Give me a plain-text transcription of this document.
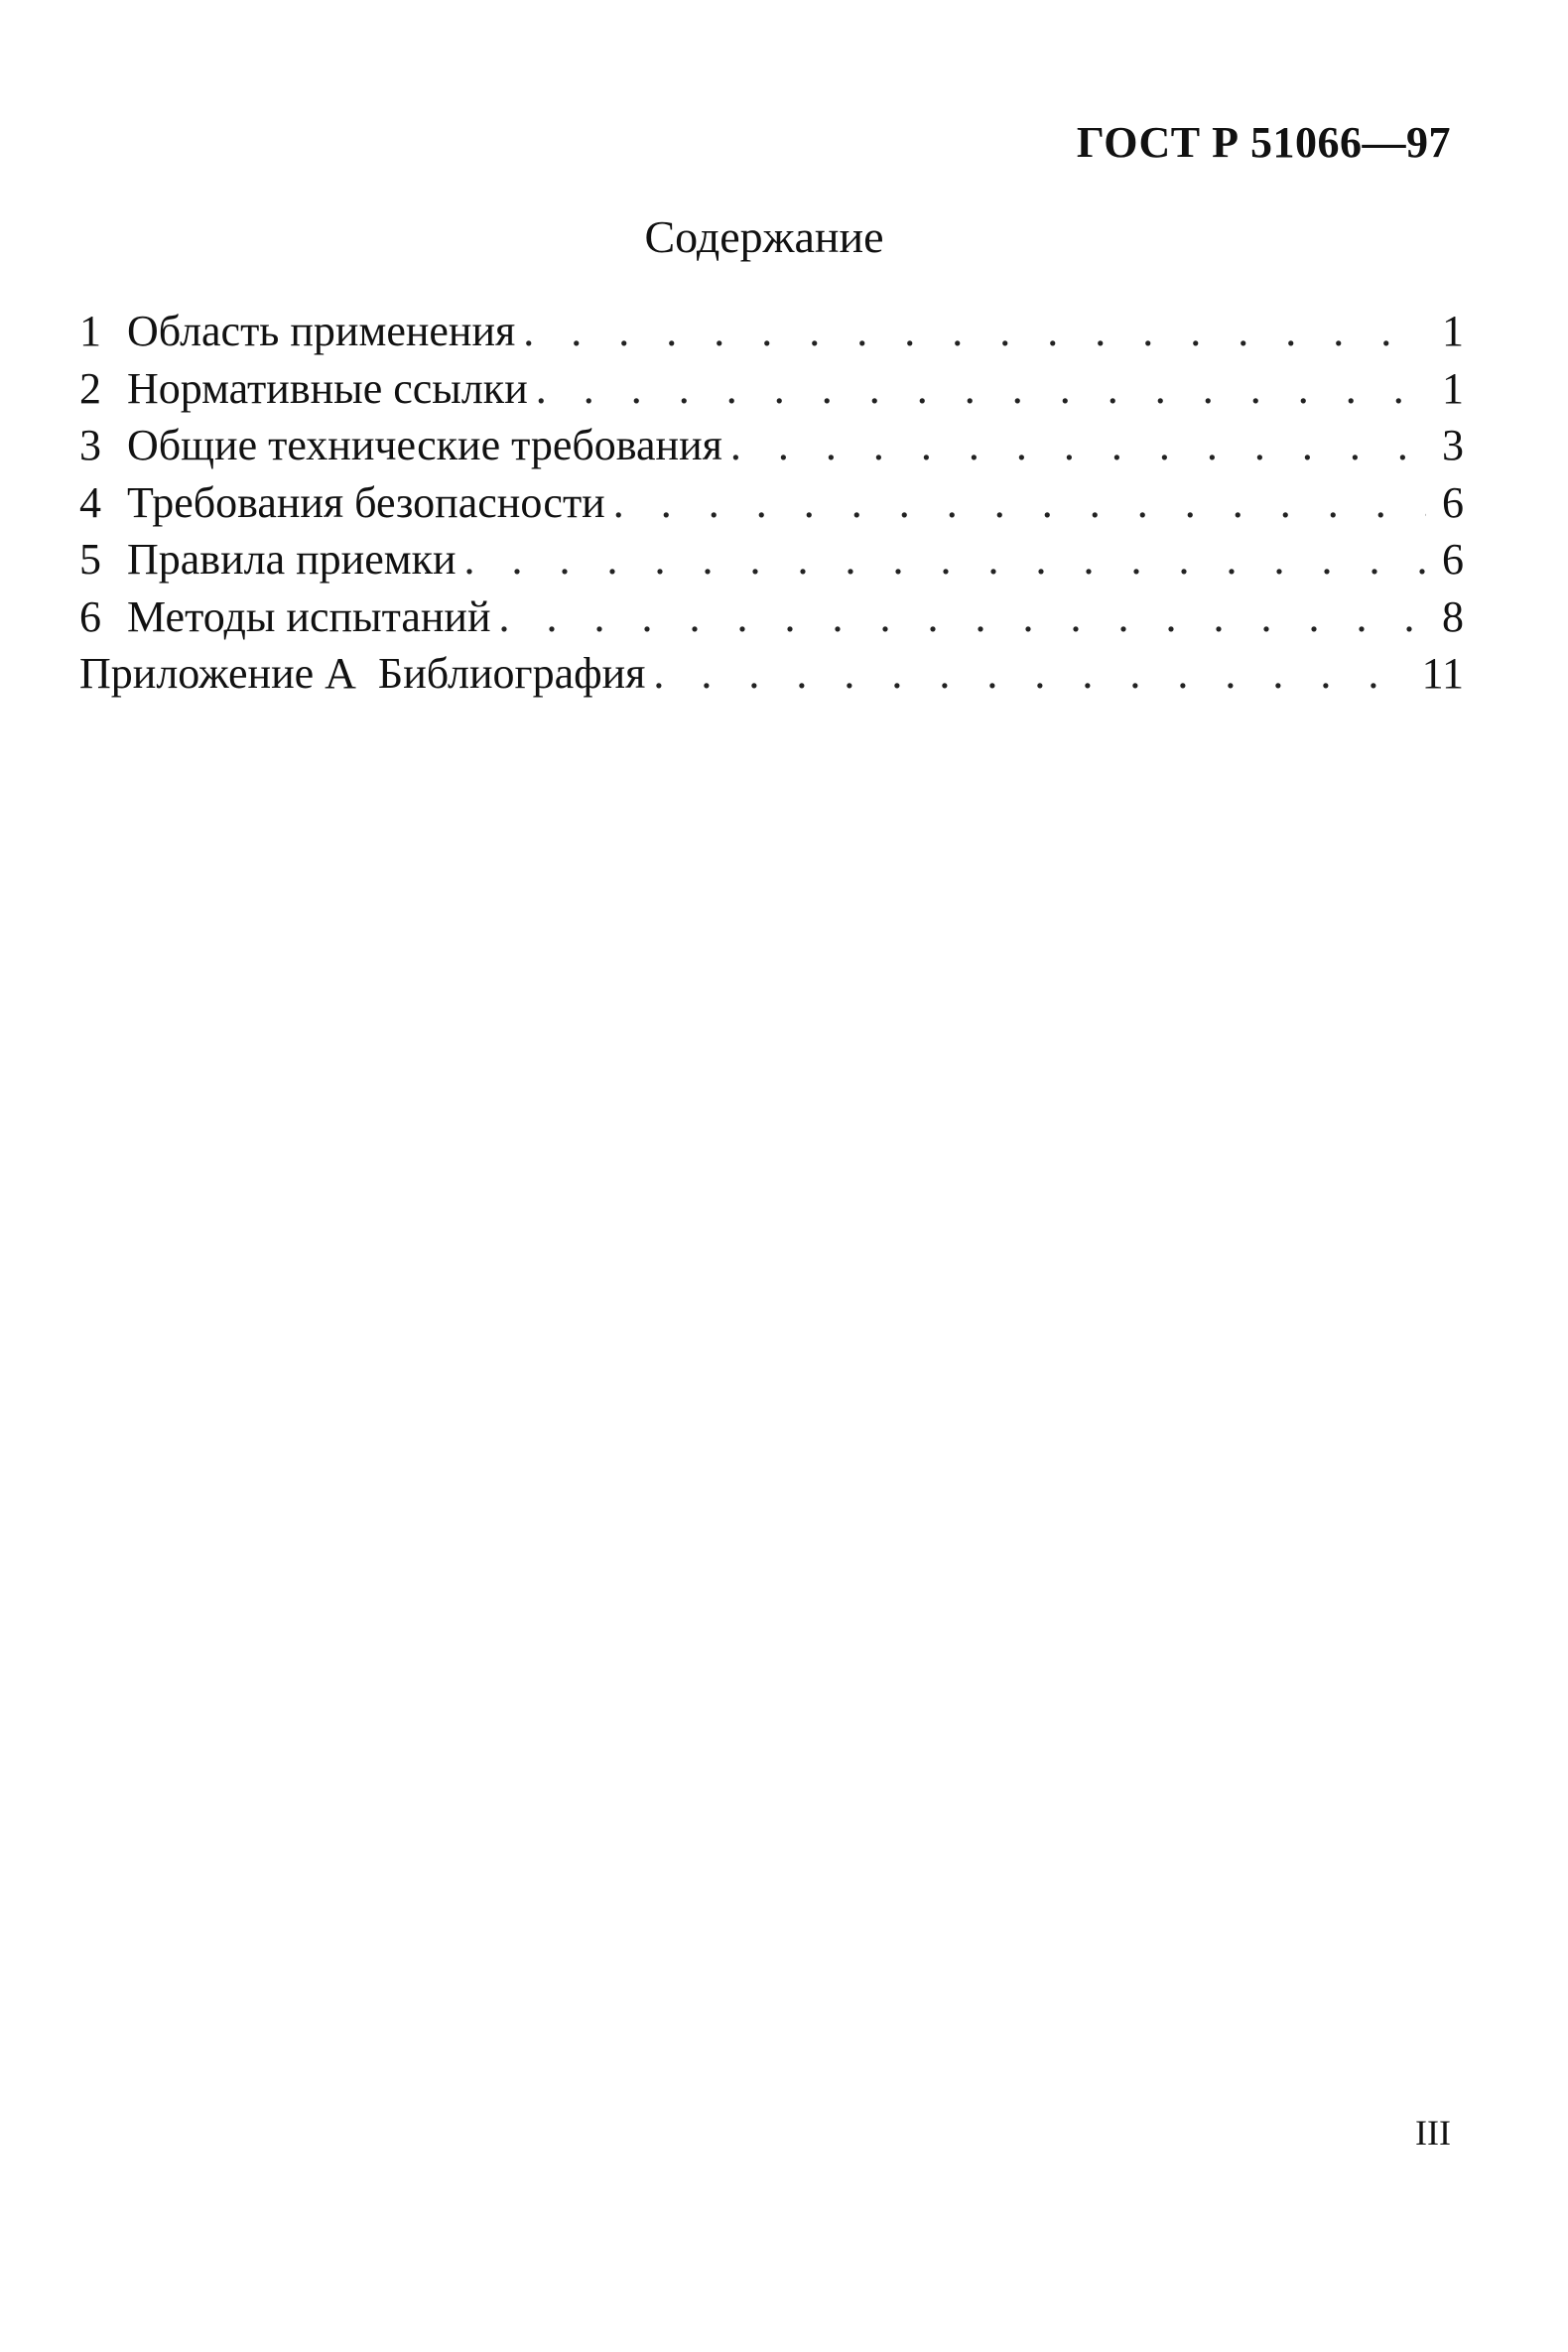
ГОСТ Р 51066—97
Содержание
1 Область применения . . .	1
2 Нормативные ссылки . . .	1
3 Общие технические требования . . .	3
4 Требования безопасности . . .	6
5 Правила приемки . . .	6
6 Методы испытаний . . .	8
Приложение А  Библиография . . .	11
III
